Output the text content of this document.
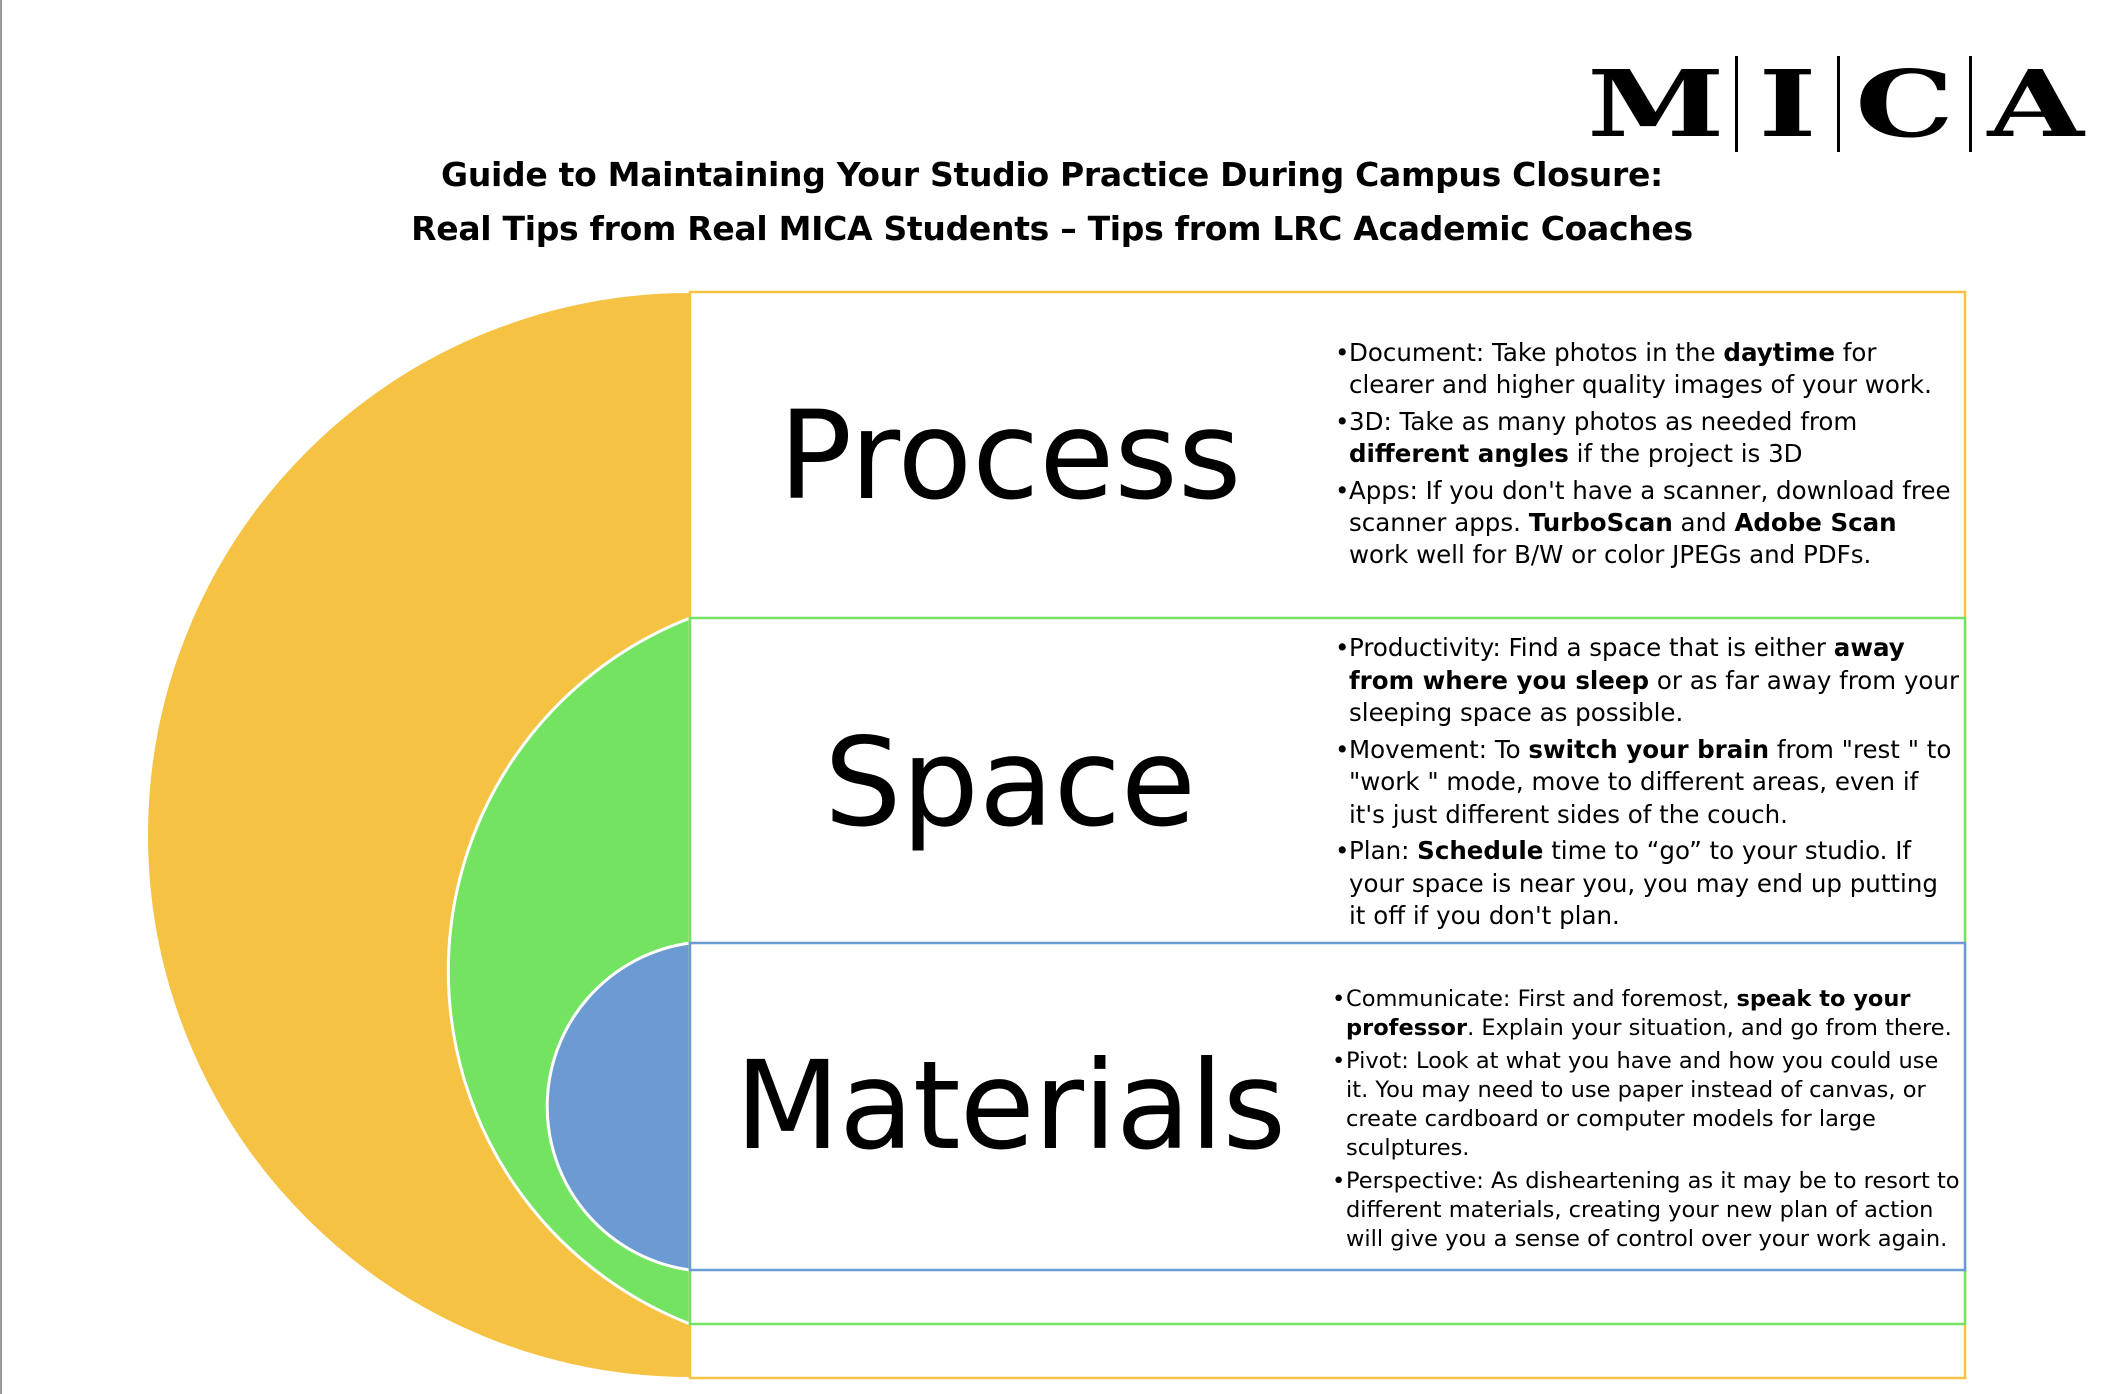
M I C A
Guide to Maintaining Your Studio Practice During Campus Closure:
Real Tips from Real MICA Students – Tips from LRC Academic Coaches
Process
Space
Materials
• Document: Take photos in the daytime for clearer and higher quality images of your work.
• 3D: Take as many photos as needed from different angles if the project is 3D
• Apps: If you don't have a scanner, download free scanner apps. TurboScan and Adobe Scan work well for B/W or color JPEGs and PDFs.
• Productivity: Find a space that is either away from where you sleep or as far away from your sleeping space as possible.
• Movement: To switch your brain from "rest " to "work " mode, move to different areas, even if it's just different sides of the couch.
• Plan: Schedule time to “go” to your studio. If your space is near you, you may end up putting it off if you don't plan.
• Communicate: First and foremost, speak to your professor. Explain your situation, and go from there.
• Pivot: Look at what you have and how you could use it. You may need to use paper instead of canvas, or create cardboard or computer models for large sculptures.
• Perspective: As disheartening as it may be to resort to different materials, creating your new plan of action will give you a sense of control over your work again.
